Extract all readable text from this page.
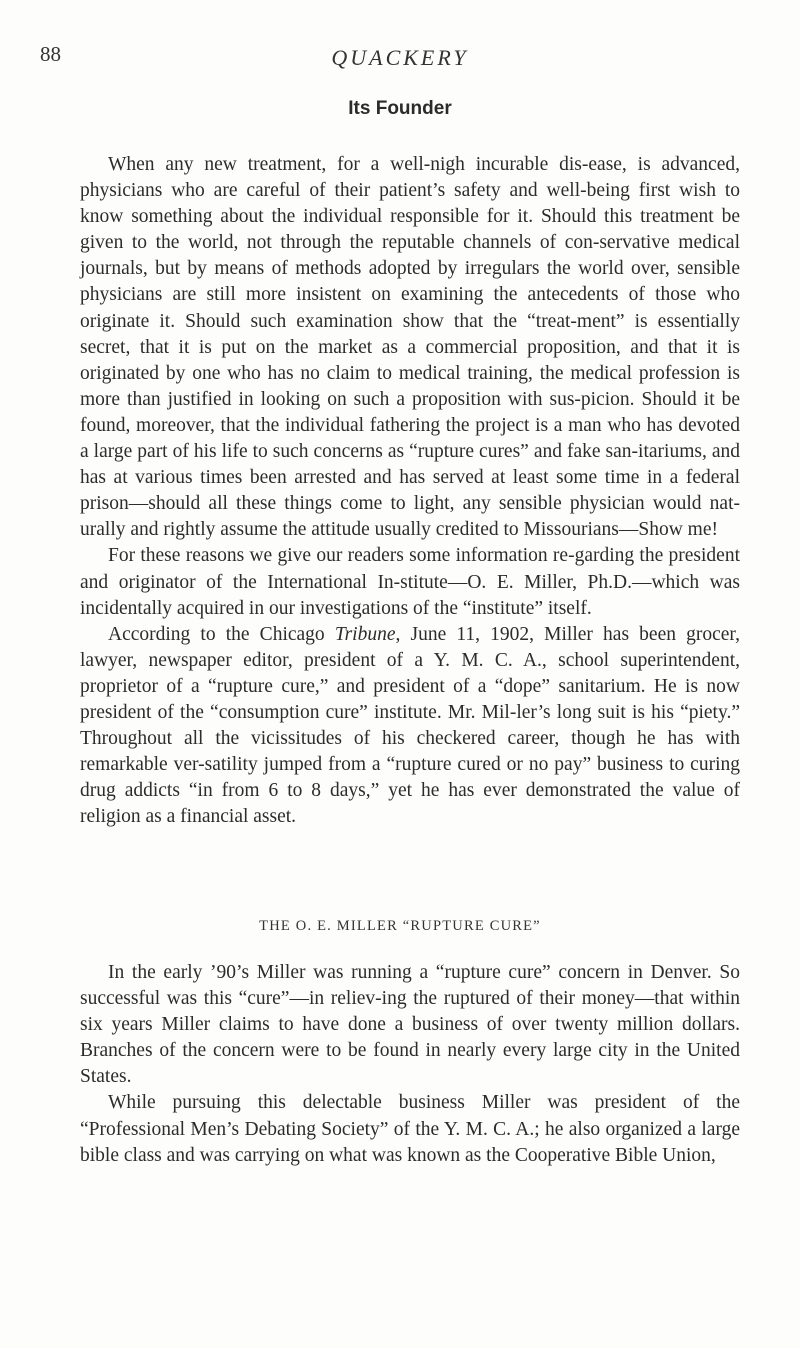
88	QUACKERY
Its Founder

When any new treatment, for a well-nigh incurable dis-ease, is advanced, physicians who are careful of their patient’s safety and well-being first wish to know something about the individual responsible for it. Should this treatment be given to the world, not through the reputable channels of con-servative medical journals, but by means of methods adopted by irregulars the world over, sensible physicians are still more insistent on examining the antecedents of those who originate it. Should such examination show that the “treat-ment” is essentially secret, that it is put on the market as a commercial proposition, and that it is originated by one who has no claim to medical training, the medical profession is more than justified in looking on such a proposition with sus-picion. Should it be found, moreover, that the individual fathering the project is a man who has devoted a large part of his life to such concerns as “rupture cures” and fake san-itariums, and has at various times been arrested and has served at least some time in a federal prison—should all these things come to light, any sensible physician would nat-urally and rightly assume the attitude usually credited to Missourians—Show me!

For these reasons we give our readers some information re-garding the president and originator of the International In-stitute—O. E. Miller, Ph.D.—which was incidentally acquired in our investigations of the “institute” itself.

According to the Chicago Tribune, June 11, 1902, Miller has been grocer, lawyer, newspaper editor, president of a Y. M. C. A., school superintendent, proprietor of a “rupture cure,” and president of a “dope” sanitarium. He is now president of the “consumption cure” institute. Mr. Mil-ler’s long suit is his “piety.” Throughout all the vicissitudes of his checkered career, though he has with remarkable ver-satility jumped from a “rupture cured or no pay” business to curing drug addicts “in from 6 to 8 days,” yet he has ever demonstrated the value of religion as a financial asset.

THE O. E. MILLER “RUPTURE CURE”

In the early ’90’s Miller was running a “rupture cure” concern in Denver. So successful was this “cure”—in reliev-ing the ruptured of their money—that within six years Miller claims to have done a business of over twenty million dollars. Branches of the concern were to be found in nearly every large city in the United States.

While pursuing this delectable business Miller was president of the “Professional Men’s Debating Society” of the Y. M. C. A.; he also organized a large bible class and was carrying on what was known as the Cooperative Bible Union,
